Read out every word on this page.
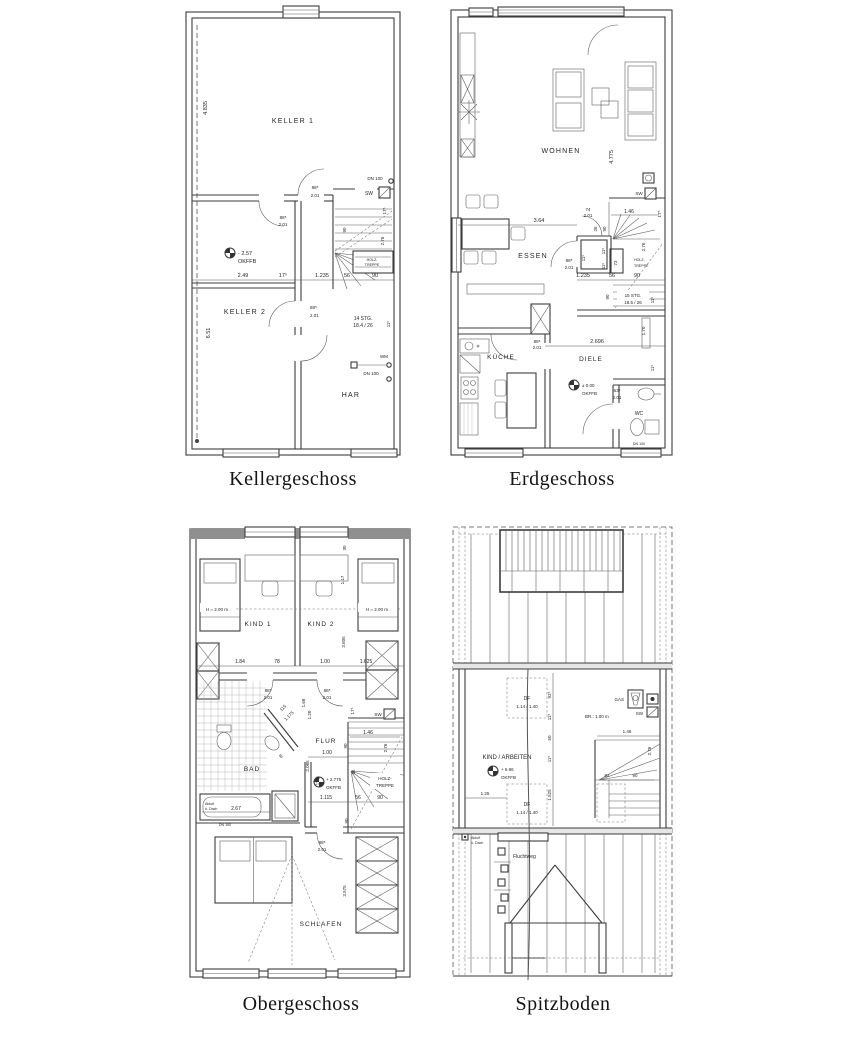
KELLER 1
KELLER 2
HAR
4.835
6.51
2.49	17⁵	1.235	56	90
- 2.57
OKFFB
88⁵
2.01
88⁵
2.01
88⁵
2.01
14 STG.
18.4 / 26
HOLZ-
TREPPE
SW
DN 100
WM
DN 100
17⁵
2.76
90
11⁵
WOHNEN
ESSEN
KÜCHE	DIELE
WC
4.775
3.64
74
2.01
1.46	17⁵
26 90
2.76
11⁵
11⁵
11⁵ 73
HOLZ-
TREPPE
88⁵
2.01
1.235	56	90
90	15 STG.
18.5 / 26 11⁵
2.696
1.70
11⁵
88⁵
2.01
± 0.00
OKFFB
63⁵
2.01
DN 100
SW
H = 2.00 m	H = 2.00 m
KIND 1	KIND 2
30
1.17
3.605
1.84	78	1.00	1.625
88⁵
2.01
88⁵
2.01
115
1.175
1.68
1.20
FLUR
17⁵
SW
1.46
90	2.76
1.00
2.085
96
BAD
+ 2.775
OKFFB
HOLZ-
TREPPE
76
2.0
80
Abluft
ü. Dach	2.67
DN 100
1.115	56	90
90
88⁵
2.01
SCHLAFEN
3.575
DF
1.14 / 1.40
DF
1.14 / 1.40
92⁵
11⁵
50
11⁵
1.525
KIND / ARBEITEN
+ 5.96
OKFFB
1.25
GAS
SW
BR.: 1.00 m
1.46
2.76
82	90
Abluft
ü. Dach
Fluchtweg
Kellergeschoss	Erdgeschoss
Obergeschoss	Spitzboden
